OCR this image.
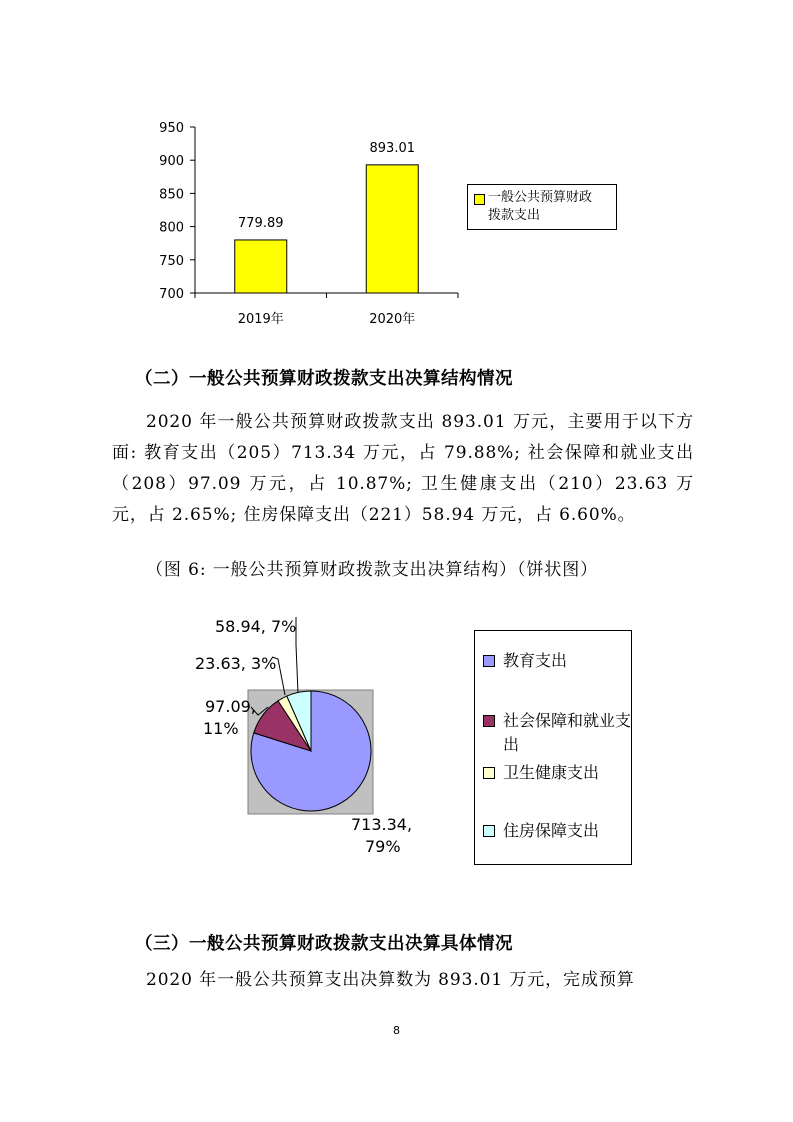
700
750
800
850
900
950
779.89
2019年
893.01
2020年
一般公共预算财政
拨款支出
（二）一般公共预算财政拨款支出决算结构情况
2020 年一般公共预算财政拨款支出 893.01 万元，主要用于以下方面: 教育支出（205）713.34 万元，占 79.88%; 社会保障和就业支出（208）97.09 万元，占 10.87%; 卫生健康支出（210）23.63 万元，占 2.65%; 住房保障支出（221）58.94 万元，占 6.60%。
（图 6: 一般公共预算财政拨款支出决算结构）（饼状图）
713.34, 79%
97.09, 11%
23.63, 3%
58.94, 7%
教育支出
社会保障和就业支出
卫生健康支出
住房保障支出
（三）一般公共预算财政拨款支出决算具体情况
2020 年一般公共预算支出决算数为 893.01 万元，完成预算
8
